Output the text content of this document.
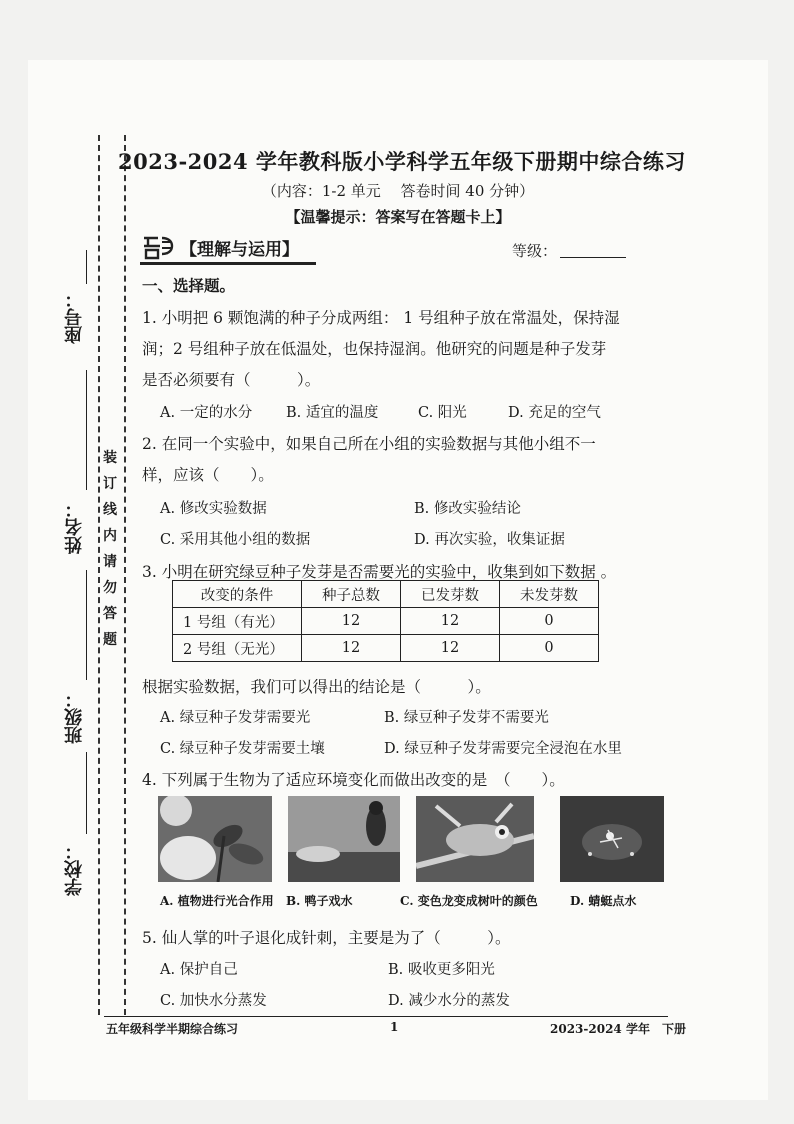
座号：
姓名：
班级：
学校：
装
订
线
内
请
勿
答
题
2023-2024 学年教科版小学科学五年级下册期中综合练习
（内容：1-2 单元　 答卷时间 40 分钟）
【温馨提示：答案写在答题卡上】
【理解与运用】	等级：
一、选择题。
1. 小明把 6 颗饱满的种子分成两组： 1 号组种子放在常温处，保持湿
润；2 号组种子放在低温处，也保持湿润。他研究的问题是种子发芽
是否必须要有（　　　）。
A. 一定的水分 B. 适宜的温度	C. 阳光	D. 充足的空气
2. 在同一个实验中，如果自己所在小组的实验数据与其他小组不一
样，应该（　　）。
A. 修改实验数据	B. 修改实验结论
C. 采用其他小组的数据	D. 再次实验，收集证据
3. 小明在研究绿豆种子发芽是否需要光的实验中，收集到如下数据 。
改变的条件	种子总数	已发芽数	未发芽数
1 号组（有光）	12	12	0
2 号组（无光）	12	12	0
根据实验数据，我们可以得出的结论是（　　　）。
A. 绿豆种子发芽需要光	B. 绿豆种子发芽不需要光
C. 绿豆种子发芽需要土壤	D. 绿豆种子发芽需要完全浸泡在水里
4. 下列属于生物为了适应环境变化而做出改变的是　（　　）。
A. 植物进行光合作用 B. 鸭子戏水	C. 变色龙变成树叶的颜色	D. 蜻蜓点水
5. 仙人掌的叶子退化成针刺，主要是为了（　　　）。
A. 保护自己	B. 吸收更多阳光
C. 加快水分蒸发	D. 减少水分的蒸发
五年级科学半期综合练习	1	2023-2024 学年　下册
